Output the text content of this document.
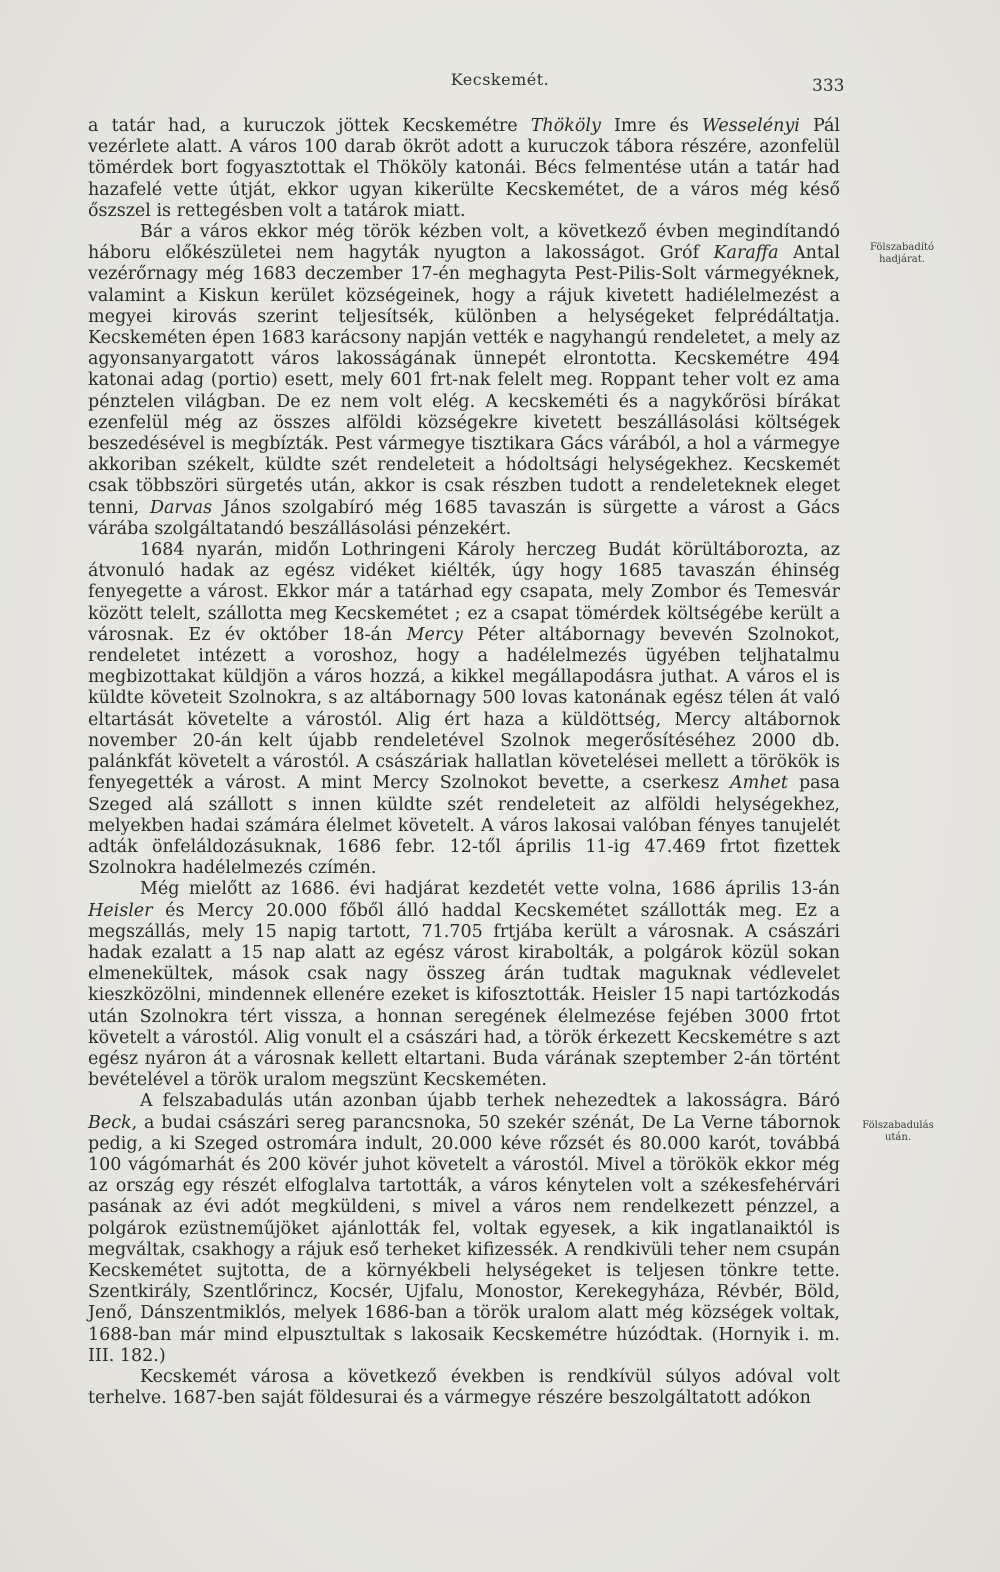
Kecskemét.	333
Fölszabadító
hadjárat.
Fölszabadulás
után.

a tatár had, a kuruczok jöttek Kecskemétre Thököly Imre és Wesselényi Pál vezérlete alatt. A város 100 darab ökröt adott a kuruczok tábora részére, azonfelül tömérdek bort fogyasztottak el Thököly katonái. Bécs felmentése után a tatár had hazafelé vette útját, ekkor ugyan kikerülte Kecskemétet, de a város még késő őszszel is rettegésben volt a tatárok miatt.

Bár a város ekkor még török kézben volt, a következő évben megindítandó háboru előkészületei nem hagyták nyugton a lakosságot. Gróf Karaffa Antal vezérőrnagy még 1683 deczember 17-én meghagyta Pest-Pilis-Solt vármegyéknek, valamint a Kiskun kerület községeinek, hogy a rájuk kivetett hadiélelmezést a megyei kirovás szerint teljesítsék, különben a helységeket felprédáltatja. Kecskeméten épen 1683 karácsony napján vették e nagyhangú rendeletet, a mely az agyonsanyargatott város lakosságának ünnepét elrontotta. Kecskemétre 494 katonai adag (portio) esett, mely 601 frt-nak felelt meg. Roppant teher volt ez ama pénztelen világban. De ez nem volt elég. A kecskeméti és a nagykőrösi bírákat ezenfelül még az összes alföldi községekre kivetett beszállásolási költségek beszedésével is megbízták. Pest vármegye tisztikara Gács várából, a hol a vármegye akkoriban székelt, küldte szét rendeleteit a hódoltsági helységekhez. Kecskemét csak többszöri sürgetés után, akkor is csak részben tudott a rendeleteknek eleget tenni, Darvas János szolgabíró még 1685 tavaszán is sürgette a várost a Gács várába szolgáltatandó beszállásolási pénzekért.

1684 nyarán, midőn Lothringeni Károly herczeg Budát körültáborozta, az átvonuló hadak az egész vidéket kiélték, úgy hogy 1685 tavaszán éhinség fenyegette a várost. Ekkor már a tatárhad egy csapata, mely Zombor és Temesvár között telelt, szállotta meg Kecskemétet ; ez a csapat tömérdek költségébe került a városnak. Ez év október 18-án Mercy Péter altábornagy bevevén Szolnokot, rendeletet intézett a voroshoz, hogy a hadélelmezés ügyében teljhatalmu megbizottakat küldjön a város hozzá, a kikkel megállapodásra juthat. A város el is küldte követeit Szolnokra, s az altábornagy 500 lovas katonának egész télen át való eltartását követelte a várostól. Alig ért haza a küldöttség, Mercy altábornok november 20-án kelt újabb rendeletével Szolnok megerősítéséhez 2000 db. palánkfát követelt a várostól. A császáriak hallatlan követelései mellett a törökök is fenyegették a várost. A mint Mercy Szolnokot bevette, a cserkesz Amhet pasa Szeged alá szállott s innen küldte szét rendeleteit az alföldi helységekhez, melyekben hadai számára élelmet követelt. A város lakosai valóban fényes tanujelét adták önfeláldozásuknak, 1686 febr. 12-től április 11-ig 47.469 frtot fizettek Szolnokra hadélelmezés czímén.

Még mielőtt az 1686. évi hadjárat kezdetét vette volna, 1686 április 13-án Heisler és Mercy 20.000 főből álló haddal Kecskemétet szállották meg. Ez a megszállás, mely 15 napig tartott, 71.705 frtjába került a városnak. A császári hadak ezalatt a 15 nap alatt az egész várost kirabolták, a polgárok közül sokan elmenekültek, mások csak nagy összeg árán tudtak maguknak védlevelet kieszközölni, mindennek ellenére ezeket is kifosztották. Heisler 15 napi tartózkodás után Szolnokra tért vissza, a honnan seregének élelmezése fejében 3000 frtot követelt a várostól. Alig vonult el a császári had, a török érkezett Kecskemétre s azt egész nyáron át a városnak kellett eltartani. Buda várának szeptember 2-án történt bevételével a török uralom megszünt Kecskeméten.

A felszabadulás után azonban újabb terhek nehezedtek a lakosságra. Báró Beck, a budai császári sereg parancsnoka, 50 szekér szénát, De La Verne tábornok pedig, a ki Szeged ostromára indult, 20.000 kéve rőzsét és 80.000 karót, továbbá 100 vágómarhát és 200 kövér juhot követelt a várostól. Mivel a törökök ekkor még az ország egy részét elfoglalva tartották, a város kénytelen volt a székesfehérvári pasának az évi adót megküldeni, s mivel a város nem rendelkezett pénzzel, a polgárok ezüstneműjöket ajánlották fel, voltak egyesek, a kik ingatlanaiktól is megváltak, csakhogy a rájuk eső terheket kifizessék. A rendkivüli teher nem csupán Kecskemétet sujtotta, de a környékbeli helységeket is teljesen tönkre tette. Szentkirály, Szentlőrincz, Kocsér, Ujfalu, Monostor, Kerekegyháza, Révbér, Böld, Jenő, Dánszentmiklós, melyek 1686-ban a török uralom alatt még községek voltak, 1688-ban már mind elpusztultak s lakosaik Kecskemétre húzódtak. (Hornyik i. m. III. 182.)

Kecskemét városa a következő években is rendkívül súlyos adóval volt terhelve. 1687-ben saját földesurai és a vármegye részére beszolgáltatott adókon
